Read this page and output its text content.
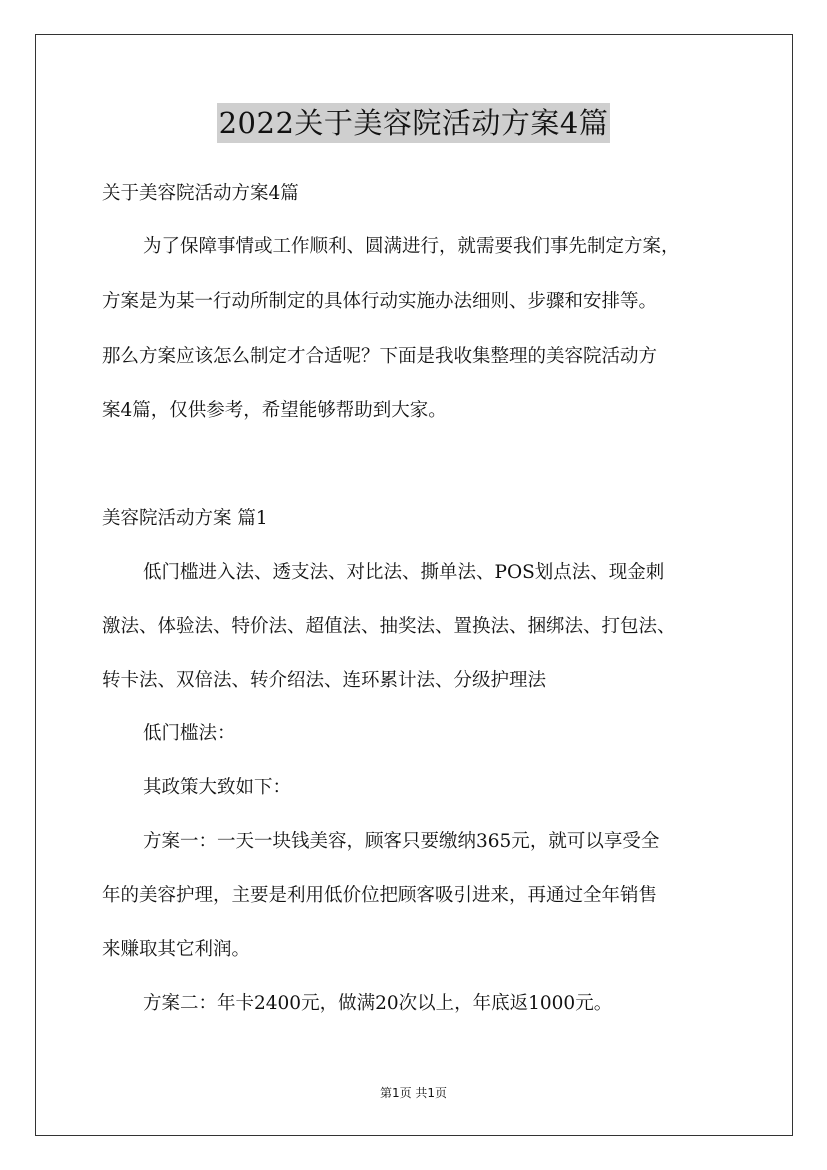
2022关于美容院活动方案4篇
关于美容院活动方案4篇
为了保障事情或工作顺利、圆满进行，就需要我们事先制定方案，
方案是为某一行动所制定的具体行动实施办法细则、步骤和安排等。
那么方案应该怎么制定才合适呢？下面是我收集整理的美容院活动方
案4篇，仅供参考，希望能够帮助到大家。
美容院活动方案 篇1
低门槛进入法、透支法、对比法、撕单法、POS划点法、现金刺
激法、体验法、特价法、超值法、抽奖法、置换法、捆绑法、打包法、
转卡法、双倍法、转介绍法、连环累计法、分级护理法
低门槛法：
其政策大致如下：
方案一：一天一块钱美容，顾客只要缴纳365元，就可以享受全
年的美容护理，主要是利用低价位把顾客吸引进来，再通过全年销售
来赚取其它利润。
方案二：年卡2400元，做满20次以上，年底返1000元。
第1页 共1页
